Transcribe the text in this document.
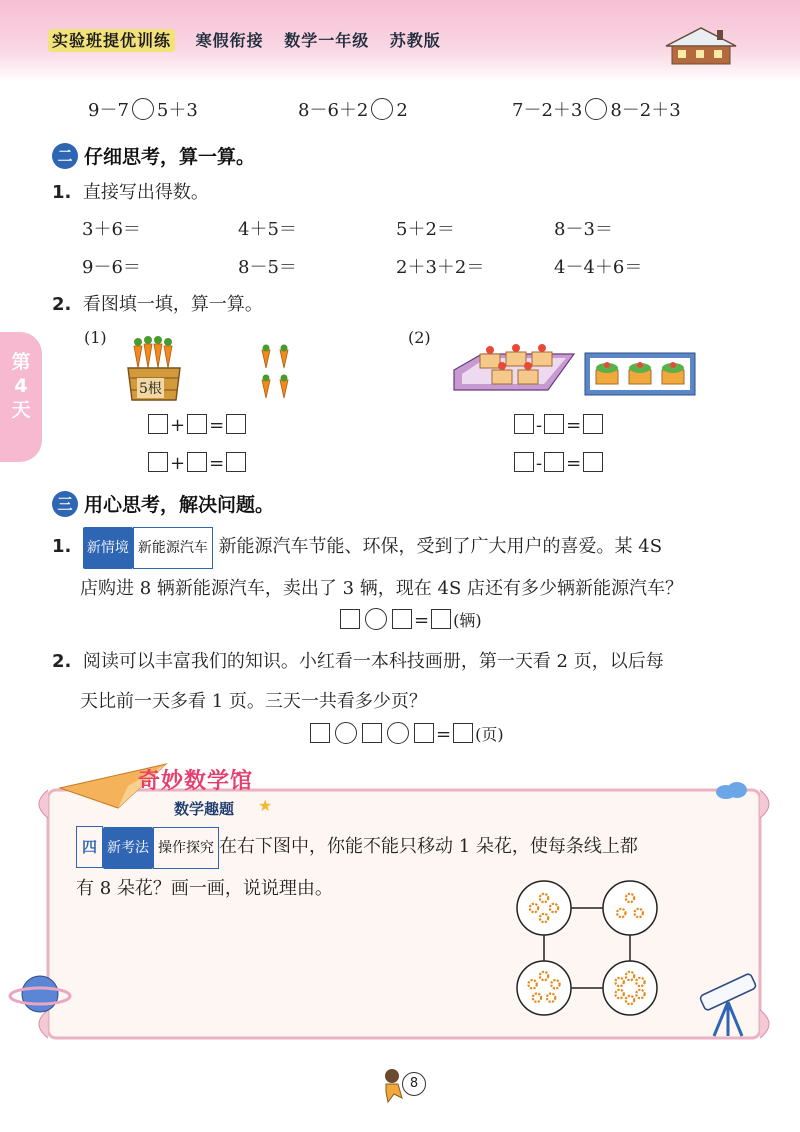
实验班提优训练 寒假衔接 数学一年级 苏教版
9－7 5＋3	8－6＋2 2	7－2＋3 8－2＋3
二 仔细思考，算一算。
1. 直接写出得数。
3＋6＝	4＋5＝	5＋2＝	8－3＝
9－6＝	8－5＝	2＋3＋2＝	4－4＋6＝
2. 看图填一填，算一算。
(1)	(2)
5根
+ =
+ =
- =
- =
第4天
三 用心思考，解决问题。
1. 新情境 新能源汽车 新能源汽车节能、环保，受到了广大用户的喜爱。某 4S
店购进 8 辆新能源汽车，卖出了 3 辆，现在 4S 店还有多少辆新能源汽车？
= (辆)
2. 阅读可以丰富我们的知识。小红看一本科技画册，第一天看 2 页，以后每
天比前一天多看 1 页。三天一共看多少页？
= (页)
奇妙数学馆
数学趣题 ★
四 新考法 操作探究 在右下图中，你能不能只移动 1 朵花，使每条线上都
有 8 朵花？画一画，说说理由。
8
